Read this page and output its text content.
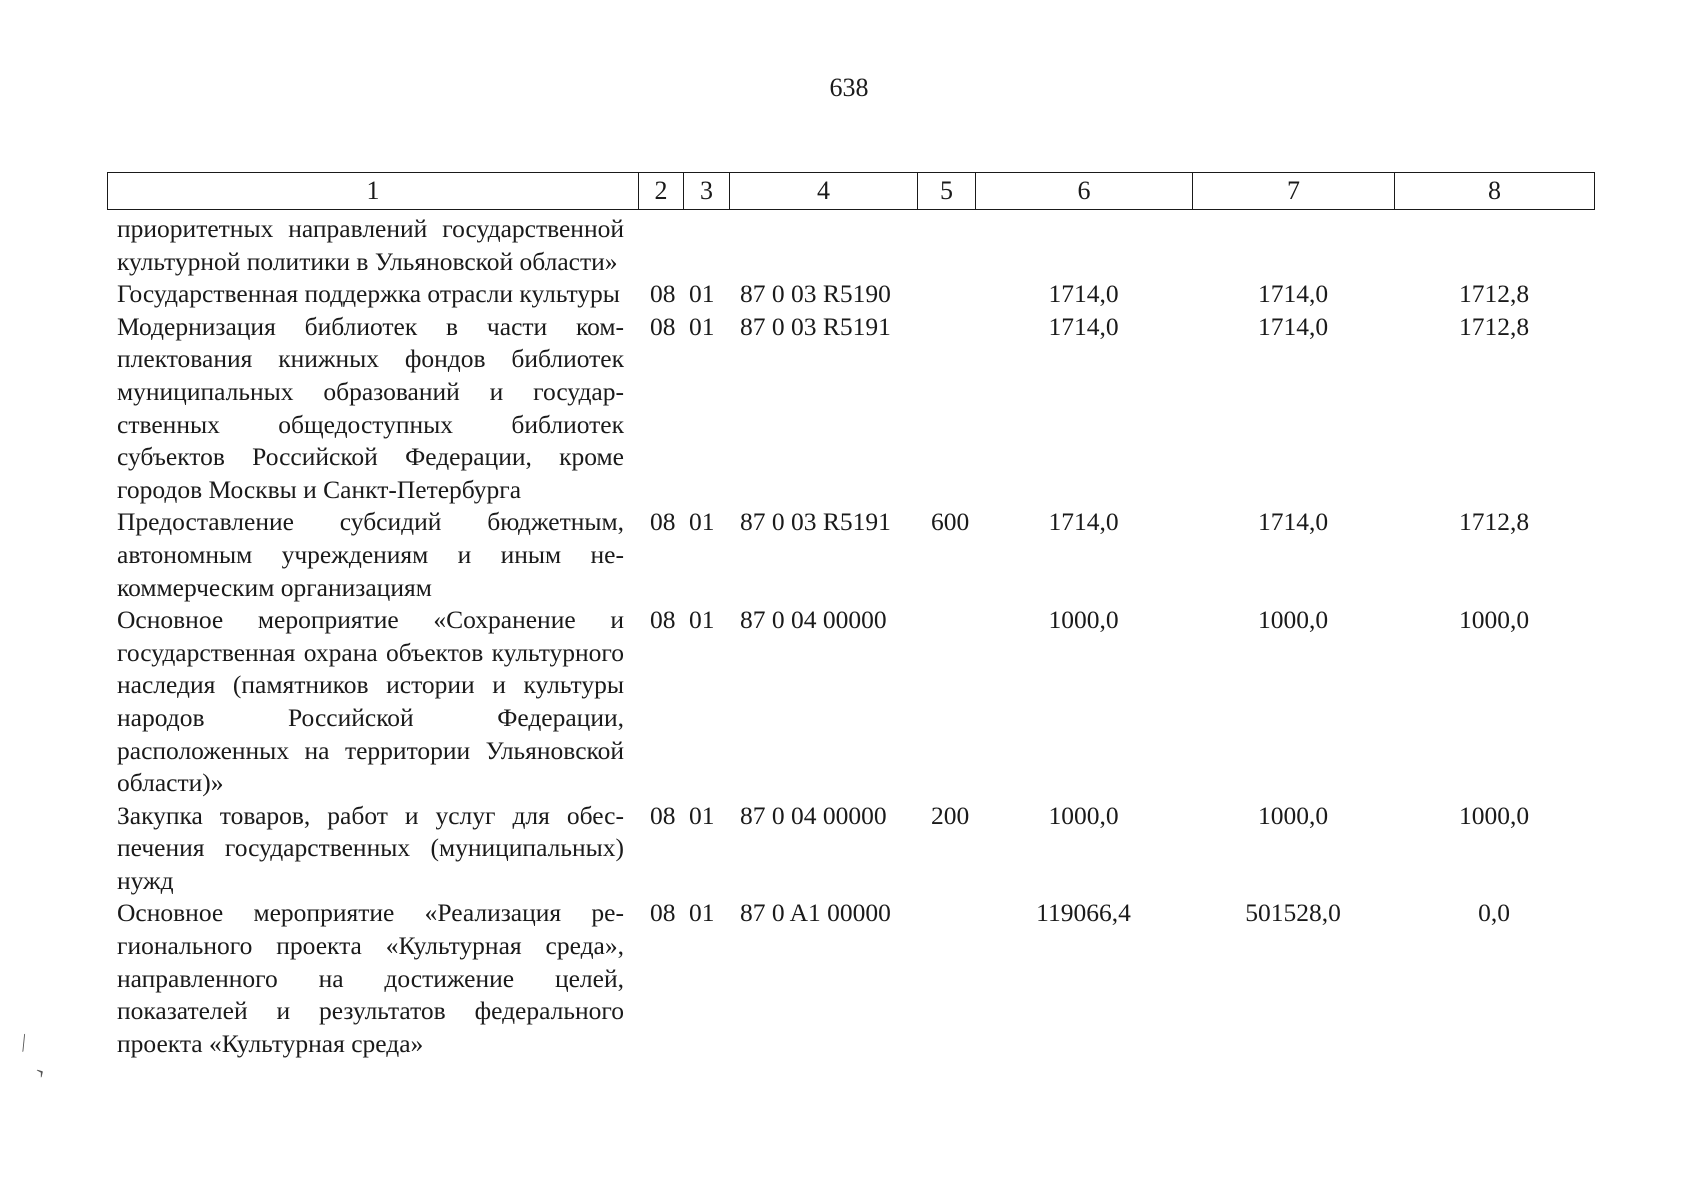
638
1	2	3	4	5	6	7	8
приоритетных направлений государственной культурной политики в Ульяновской области»							
Государственная поддержка отрасли культуры	08	01	87 0 03 R5190		1714,0	1714,0	1712,8
Модернизация библиотек в части комплектования книжных фондов библиотек муниципальных образований и государственных общедоступных библиотек субъектов Российской Федерации, кроме городов Москвы и Санкт-Петербурга	08	01	87 0 03 R5191		1714,0	1714,0	1712,8
Предоставление субсидий бюджетным, автономным учреждениям и иным некоммерческим организациям	08	01	87 0 03 R5191	600	1714,0	1714,0	1712,8
Основное мероприятие «Сохранение и государственная охрана объектов культурного наследия (памятников истории и культуры народов Российской Федерации, расположенных на территории Ульяновской области)»	08	01	87 0 04 00000		1000,0	1000,0	1000,0
Закупка товаров, работ и услуг для обеспечения государственных (муниципальных) нужд	08	01	87 0 04 00000	200	1000,0	1000,0	1000,0
Основное мероприятие «Реализация регионального проекта «Культурная среда», направленного на достижение целей, показателей и результатов федерального проекта «Культурная среда»	08	01	87 0 A1 00000		119066,4	501528,0	0,0
⁄
›
